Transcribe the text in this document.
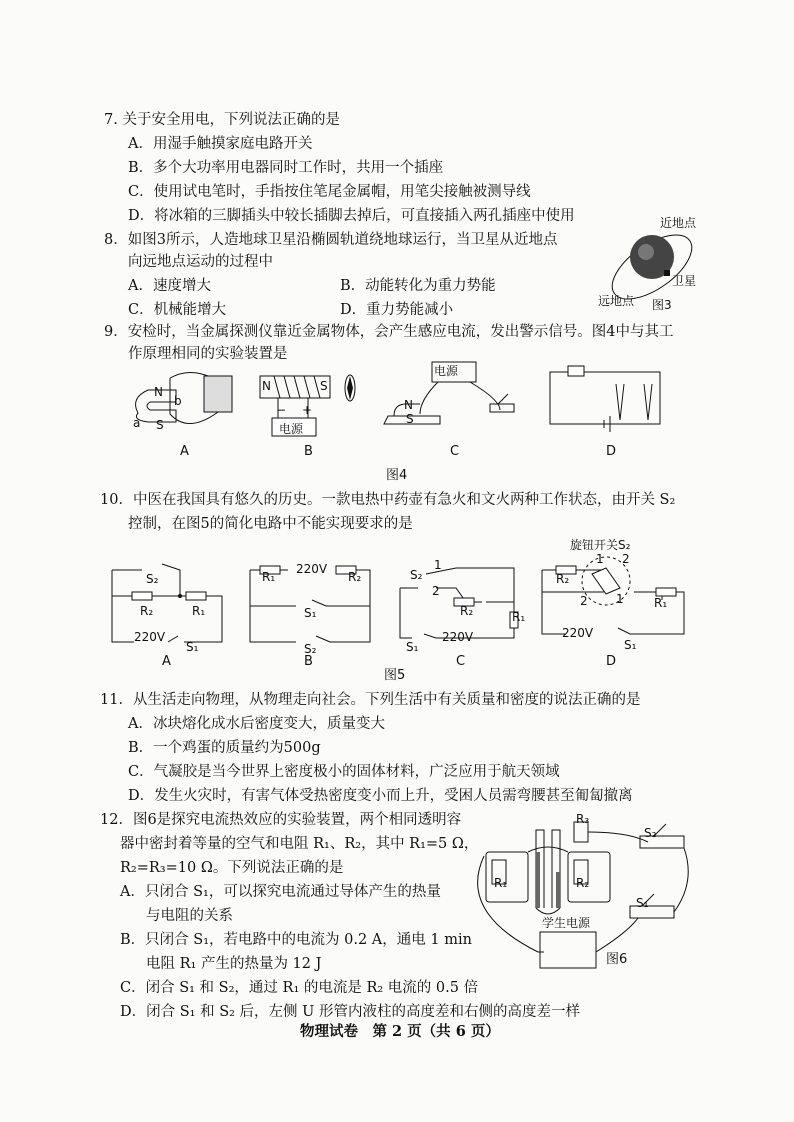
7. 关于安全用电，下列说法正确的是
A．用湿手触摸家庭电路开关
B．多个大功率用电器同时工作时，共用一个插座
C．使用试电笔时，手指按住笔尾金属帽，用笔尖接触被测导线
D．将冰箱的三脚插头中较长插脚去掉后，可直接插入两孔插座中使用
8．如图3所示，人造地球卫星沿椭圆轨道绕地球运行，当卫星从近地点
向远地点运动的过程中
A．速度增大	B．动能转化为重力势能
C．机械能增大	D．重力势能减小
近地点
卫星
远地点 图3
9．安检时，当金属探测仪靠近金属物体，会产生感应电流，发出警示信号。图4中与其工
作原理相同的实验装置是
N
S
a
b
N	S
− +
电源
电源
N
S
A	B	C	D
图4
10．中医在我国具有悠久的历史。一款电热中药壶有急火和文火两种工作状态，由开关 S₂
控制，在图5的简化电路中不能实现要求的是
S₂
R₂	R₁
220V
S₁
R₁
220V
R₂
S₁
S₂
1
S₂
2
R₂	R₁
S₁
220V
旋钮开关S₂
1 2
R₂
2 1	R₁
220V
S₁
A	B	C	D
图5
11．从生活走向物理，从物理走向社会。下列生活中有关质量和密度的说法正确的是
A．冰块熔化成水后密度变大，质量变大
B．一个鸡蛋的质量约为500g
C．气凝胶是当今世界上密度极小的固体材料，广泛应用于航天领域
D．发生火灾时，有害气体受热密度变小而上升，受困人员需弯腰甚至匍匐撤离
12．图6是探究电流热效应的实验装置，两个相同透明容
器中密封着等量的空气和电阻 R₁、R₂，其中 R₁=5 Ω，
R₂=R₃=10 Ω。下列说法正确的是
A．只闭合 S₁，可以探究电流通过导体产生的热量
与电阻的关系
B．只闭合 S₁，若电路中的电流为 0.2 A，通电 1 min
电阻 R₁ 产生的热量为 12 J
C．闭合 S₁ 和 S₂，通过 R₁ 的电流是 R₂ 电流的 0.5 倍
D．闭合 S₁ 和 S₂ 后，左侧 U 形管内液柱的高度差和右侧的高度差一样
R₃
R₁	R₂
S₂
S₁
学生电源
图6
物理试卷　第 2 页（共 6 页）
